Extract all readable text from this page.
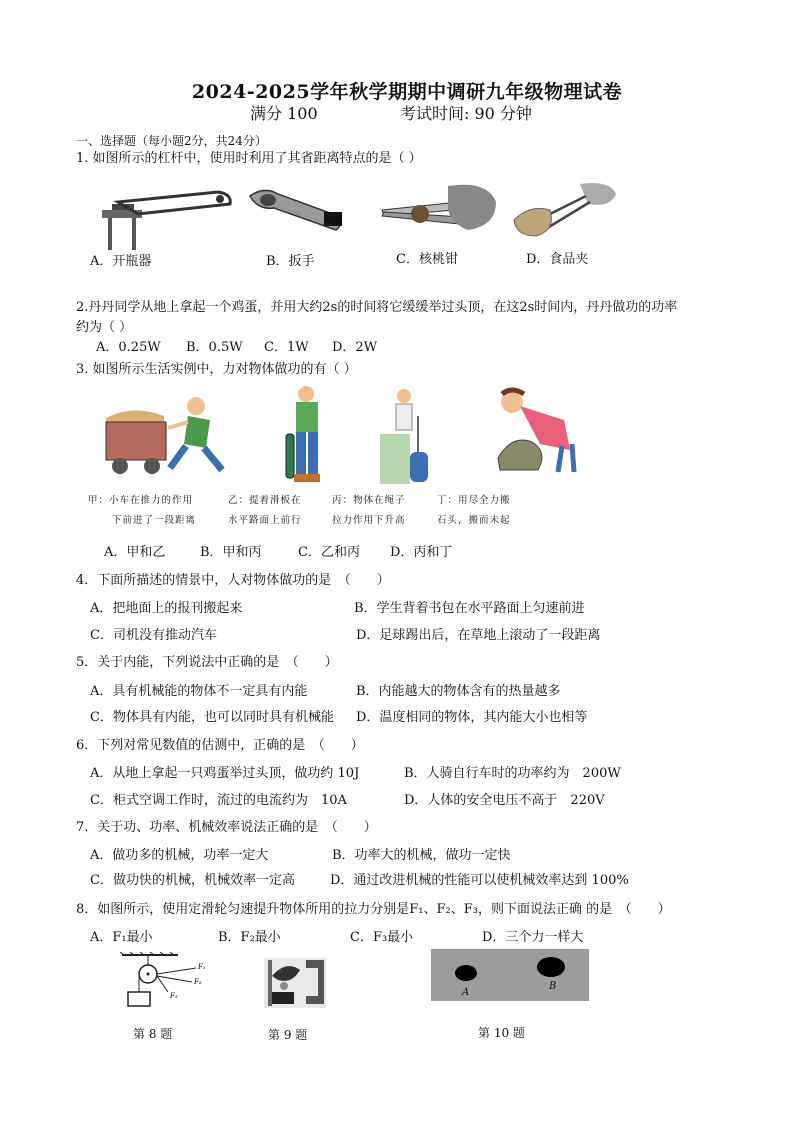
2024-2025学年秋学期期中调研九年级物理试卷
满分 100	考试时间: 90 分钟
一、选择题（每小题2分，共24分）
1. 如图所示的杠杆中，使用时利用了其省距离特点的是（ ）
A．开瓶器	B．扳手	C．核桃钳	D．食品夹
2.丹丹同学从地上拿起一个鸡蛋，并用大约2s的时间将它缓缓举过头顶，在这2s时间内，丹丹做功的功率
约为（ ）
A．0.25W B．0.5W C．1W D．2W
3. 如图所示生活实例中，力对物体做功的有（ ）
甲：小车在推力的作用
下前进了一段距离
乙：提着滑板在
水平路面上前行
丙：物体在绳子
拉力作用下升高
丁：用尽全力搬
石头，搬而未起
A．甲和乙	B．甲和丙	C．乙和丙 D．丙和丁
4．下面所描述的情景中，人对物体做功的是　（　　）
A．把地面上的报刊搬起来	B．学生背着书包在水平路面上匀速前进
C．司机没有推动汽车	D．足球踢出后，在草地上滚动了一段距离
5．关于内能，下列说法中正确的是　（　　）
A．具有机械能的物体不一定具有内能	B．内能越大的物体含有的热量越多
C．物体具有内能，也可以同时具有机械能 D．温度相同的物体，其内能大小也相等
6．下列对常见数值的估测中，正确的是　（　　）
A．从地上拿起一只鸡蛋举过头顶，做功约 10J	B．人骑自行车时的功率约为　200W
C．柜式空调工作时，流过的电流约为　10A	D．人体的安全电压不高于　220V
7．关于功、功率、机械效率说法正确的是　（　　）
A．做功多的机械，功率一定大	B．功率大的机械，做功一定快
C．做功快的机械，机械效率一定高	D．通过改进机械的性能可以使机械效率达到 100%
8．如图所示，使用定滑轮匀速提升物体所用的拉力分别是F₁、F₂、F₃，则下面说法正确 的是　（　　）
A．F₁最小	B．F₂最小	C．F₃最小	D．三个力一样大
F₁
F₂
F₃	A
B
第 8 题	第 9 题	第 10 题
